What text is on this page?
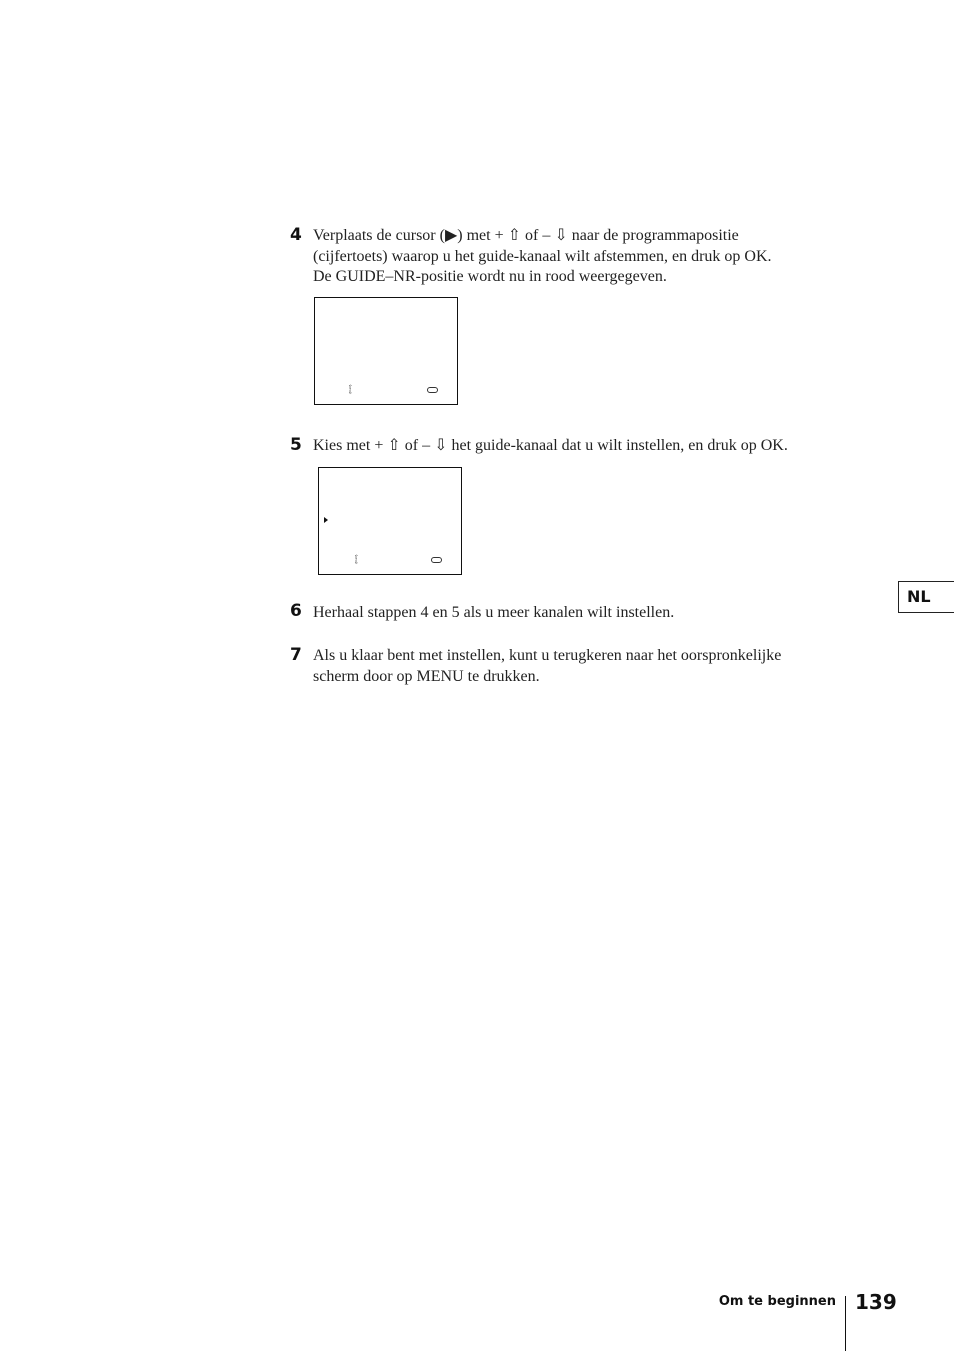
4 Verplaats de cursor (▶) met + ⇧ of – ⇩ naar de programmapositie
(cijfertoets) waarop u het guide-kanaal wilt afstemmen, en druk op OK.
De GUIDE–NR-positie wordt nu in rood weergegeven.
⇧
⇩
5 Kies met + ⇧ of – ⇩ het guide-kanaal dat u wilt instellen, en druk op OK.
⇧
⇩
6 Herhaal stappen 4 en 5 als u meer kanalen wilt instellen.
7 Als u klaar bent met instellen, kunt u terugkeren naar het oorspronkelijke
scherm door op MENU te drukken.
NL
Om te beginnen 139
